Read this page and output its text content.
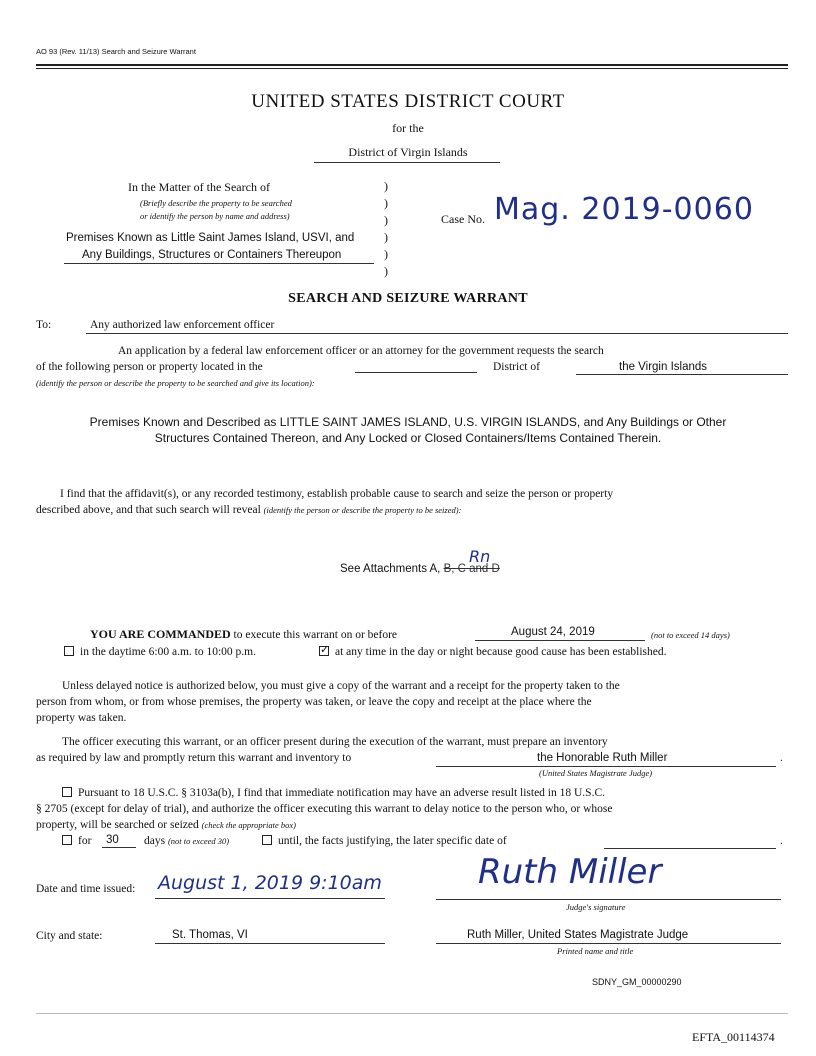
AO 93 (Rev. 11/13) Search and Seizure Warrant
UNITED STATES DISTRICT COURT
for the
District of Virgin Islands
In the Matter of the Search of
(Briefly describe the property to be searched
or identify the person by name and address)
Premises Known as Little Saint James Island, USVI, and
Any Buildings, Structures or Containers Thereupon
)
)
)
)
)
)
Case No. Mag. 2019-0060
SEARCH AND SEIZURE WARRANT
To:	Any authorized law enforcement officer
An application by a federal law enforcement officer or an attorney for the government requests the search
of the following person or property located in the	District of	the Virgin Islands
(identify the person or describe the property to be searched and give its location):
Premises Known and Described as LITTLE SAINT JAMES ISLAND, U.S. VIRGIN ISLANDS, and Any Buildings or Other
Structures Contained Thereon, and Any Locked or Closed Containers/Items Contained Therein.
I find that the affidavit(s), or any recorded testimony, establish probable cause to search and seize the person or property
described above, and that such search will reveal (identify the person or describe the property to be seized):
See Attachments A, B, C and D
Rn
YOU ARE COMMANDED to execute this warrant on or before	August 24, 2019	(not to exceed 14 days)
in the daytime 6:00 a.m. to 10:00 p.m. ✓	at any time in the day or night because good cause has been established.
Unless delayed notice is authorized below, you must give a copy of the warrant and a receipt for the property taken to the
person from whom, or from whose premises, the property was taken, or leave the copy and receipt at the place where the
property was taken.
The officer executing this warrant, or an officer present during the execution of the warrant, must prepare an inventory
as required by law and promptly return this warrant and inventory to	the Honorable Ruth Miller	.
(United States Magistrate Judge)
Pursuant to 18 U.S.C. § 3103a(b), I find that immediate notification may have an adverse result listed in 18 U.S.C.
§ 2705 (except for delay of trial), and authorize the officer executing this warrant to delay notice to the person who, or whose
property, will be searched or seized (check the appropriate box)
for 30 days (not to exceed 30)	until, the facts justifying, the later specific date of	.
Date and time issued: August 1, 2019 9:10am	Ruth Miller
Judge's signature
City and state:	St. Thomas, VI	Ruth Miller, United States Magistrate Judge
Printed name and title
SDNY_GM_00000290
EFTA_00114374
